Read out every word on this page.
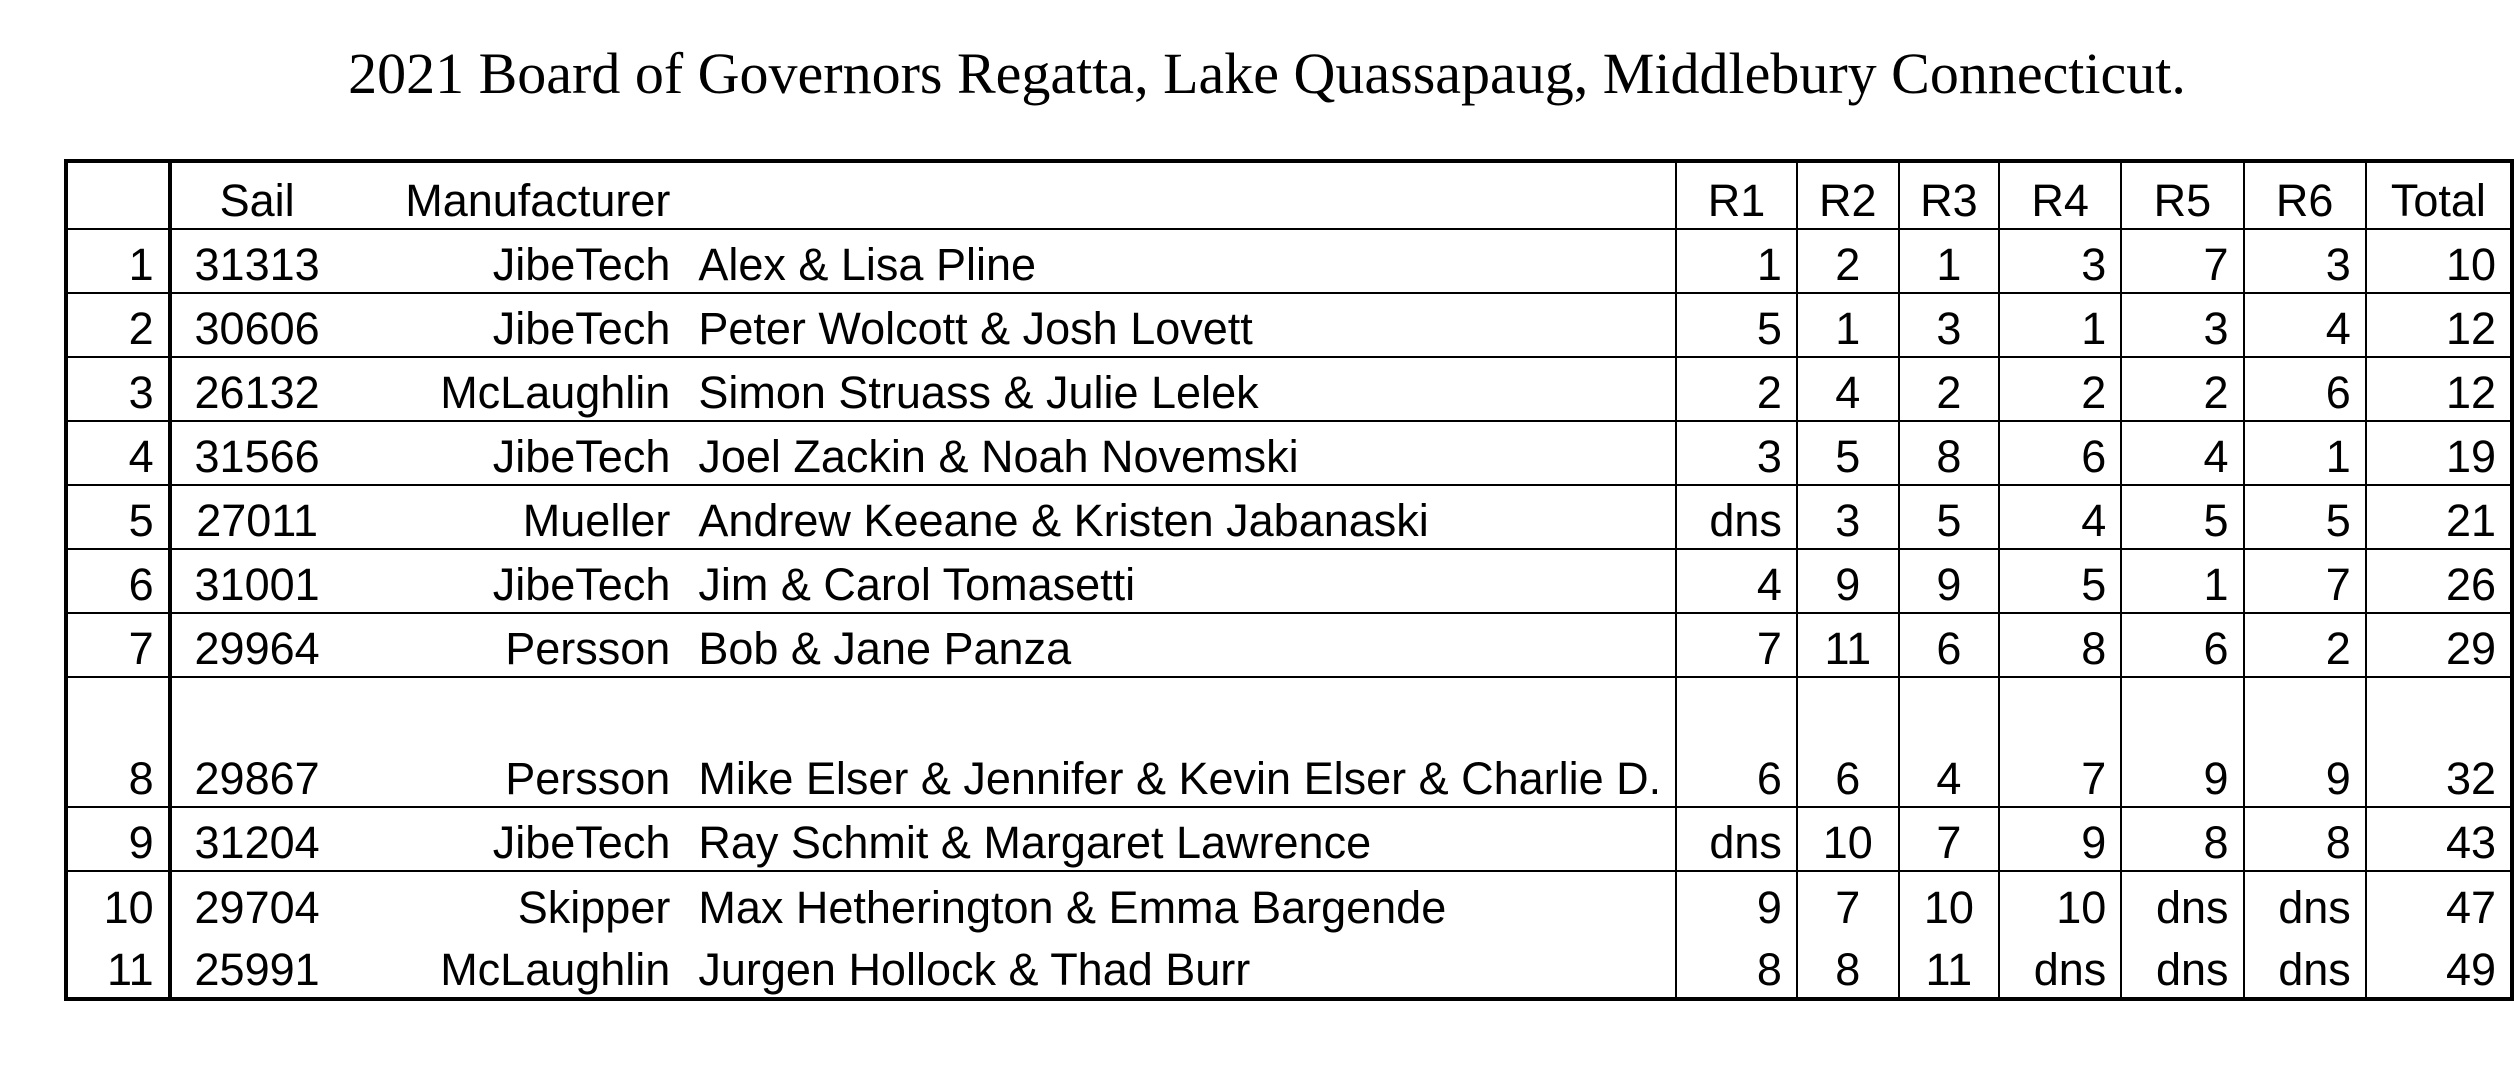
2021 Board of Governors Regatta, Lake Quassapaug, Middlebury Connecticut.
	Sail	Manufacturer		R1	R2	R3	R4	R5	R6	Total
1	31313	JibeTech	Alex & Lisa Pline	1	2	1	3	7	3	10
2	30606	JibeTech	Peter Wolcott & Josh Lovett	5	1	3	1	3	4	12
3	26132	McLaughlin	Simon Struass & Julie Lelek	2	4	2	2	2	6	12
4	31566	JibeTech	Joel Zackin & Noah Novemski	3	5	8	6	4	1	19
5	27011	Mueller	Andrew Keeane & Kristen Jabanaski	dns	3	5	4	5	5	21
6	31001	JibeTech	Jim & Carol Tomasetti	4	9	9	5	1	7	26
7	29964	Persson	Bob & Jane Panza	7	11	6	8	6	2	29
8	29867	Persson	Mike Elser & Jennifer & Kevin Elser & Charlie D.	6	6	4	7	9	9	32
9	31204	JibeTech	Ray Schmit & Margaret Lawrence	dns	10	7	9	8	8	43
10	29704	Skipper	Max Hetherington & Emma Bargende	9	7	10	10	dns	dns	47
11	25991	McLaughlin	Jurgen Hollock & Thad Burr	8	8	11	dns	dns	dns	49
